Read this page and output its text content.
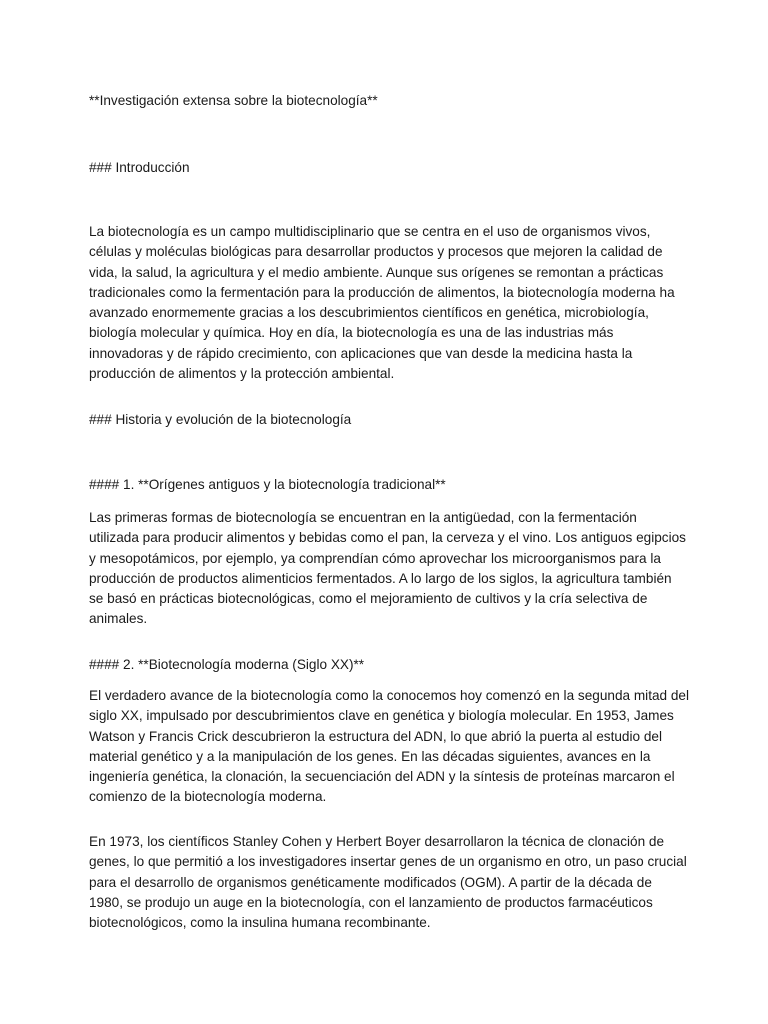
**Investigación extensa sobre la biotecnología**

### Introducción

La biotecnología es un campo multidisciplinario que se centra en el uso de organismos vivos, células y moléculas biológicas para desarrollar productos y procesos que mejoren la calidad de vida, la salud, la agricultura y el medio ambiente. Aunque sus orígenes se remontan a prácticas tradicionales como la fermentación para la producción de alimentos, la biotecnología moderna ha avanzado enormemente gracias a los descubrimientos científicos en genética, microbiología, biología molecular y química. Hoy en día, la biotecnología es una de las industrias más innovadoras y de rápido crecimiento, con aplicaciones que van desde la medicina hasta la producción de alimentos y la protección ambiental.

### Historia y evolución de la biotecnología

#### 1. **Orígenes antiguos y la biotecnología tradicional**

Las primeras formas de biotecnología se encuentran en la antigüedad, con la fermentación utilizada para producir alimentos y bebidas como el pan, la cerveza y el vino. Los antiguos egipcios y mesopotámicos, por ejemplo, ya comprendían cómo aprovechar los microorganismos para la producción de productos alimenticios fermentados. A lo largo de los siglos, la agricultura también se basó en prácticas biotecnológicas, como el mejoramiento de cultivos y la cría selectiva de animales.

#### 2. **Biotecnología moderna (Siglo XX)**

El verdadero avance de la biotecnología como la conocemos hoy comenzó en la segunda mitad del siglo XX, impulsado por descubrimientos clave en genética y biología molecular. En 1953, James Watson y Francis Crick descubrieron la estructura del ADN, lo que abrió la puerta al estudio del material genético y a la manipulación de los genes. En las décadas siguientes, avances en la ingeniería genética, la clonación, la secuenciación del ADN y la síntesis de proteínas marcaron el comienzo de la biotecnología moderna.

En 1973, los científicos Stanley Cohen y Herbert Boyer desarrollaron la técnica de clonación de genes, lo que permitió a los investigadores insertar genes de un organismo en otro, un paso crucial para el desarrollo de organismos genéticamente modificados (OGM). A partir de la década de 1980, se produjo un auge en la biotecnología, con el lanzamiento de productos farmacéuticos biotecnológicos, como la insulina humana recombinante.
